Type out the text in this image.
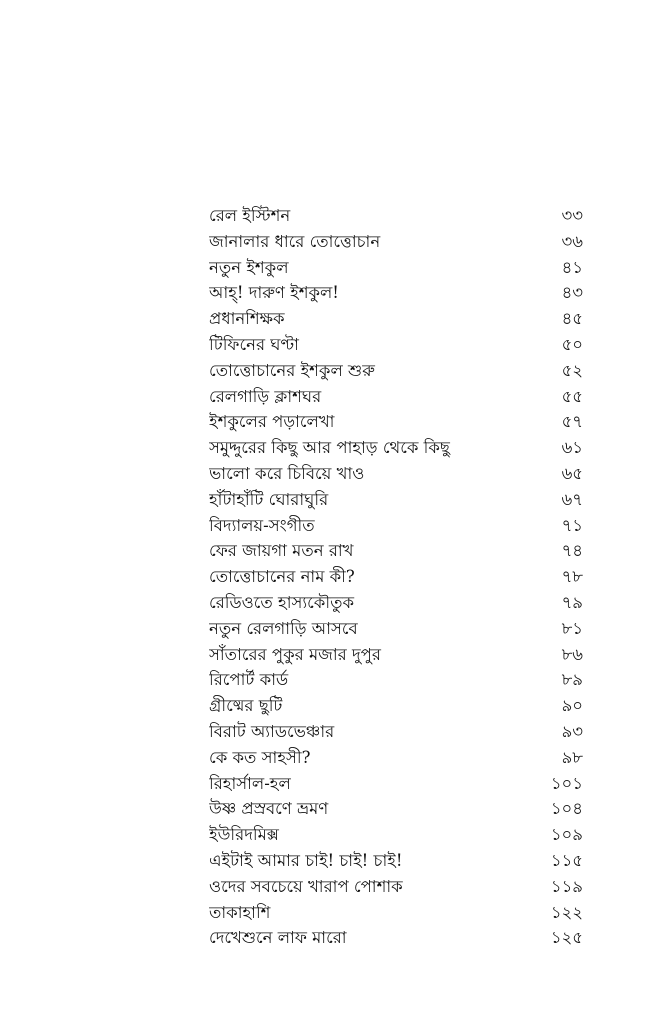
রেল ইস্টিশন	৩৩
জানালার ধারে তোত্তোচান	৩৬
নতুন ইশকুল	৪১
আহ্! দারুণ ইশকুল!	৪৩
প্রধানশিক্ষক	৪৫
টিফিনের ঘণ্টা	৫০
তোত্তোচানের ইশকুল শুরু	৫২
রেলগাড়ি ক্লাশঘর	৫৫
ইশকুলের পড়ালেখা	৫৭
সমুদ্দুরের কিছু আর পাহাড় থেকে কিছু	৬১
ভালো করে চিবিয়ে খাও	৬৫
হাঁটাহাঁটি ঘোরাঘুরি	৬৭
বিদ্যালয়-সংগীত	৭১
ফের জায়গা মতন রাখ	৭৪
তোত্তোচানের নাম কী?	৭৮
রেডিওতে হাস্যকৌতুক	৭৯
নতুন রেলগাড়ি আসবে	৮১
সাঁতারের পুকুর মজার দুপুর	৮৬
রিপোর্ট কার্ড	৮৯
গ্রীষ্মের ছুটি	৯০
বিরাট অ্যাডভেঞ্চার	৯৩
কে কত সাহসী?	৯৮
রিহার্সাল-হল	১০১
উষ্ণ প্রস্রবণে ভ্রমণ	১০৪
ইউরিদমিক্স	১০৯
এইটাই আমার চাই! চাই! চাই!	১১৫
ওদের সবচেয়ে খারাপ পোশাক	১১৯
তাকাহাশি	১২২
দেখেশুনে লাফ মারো	১২৫
